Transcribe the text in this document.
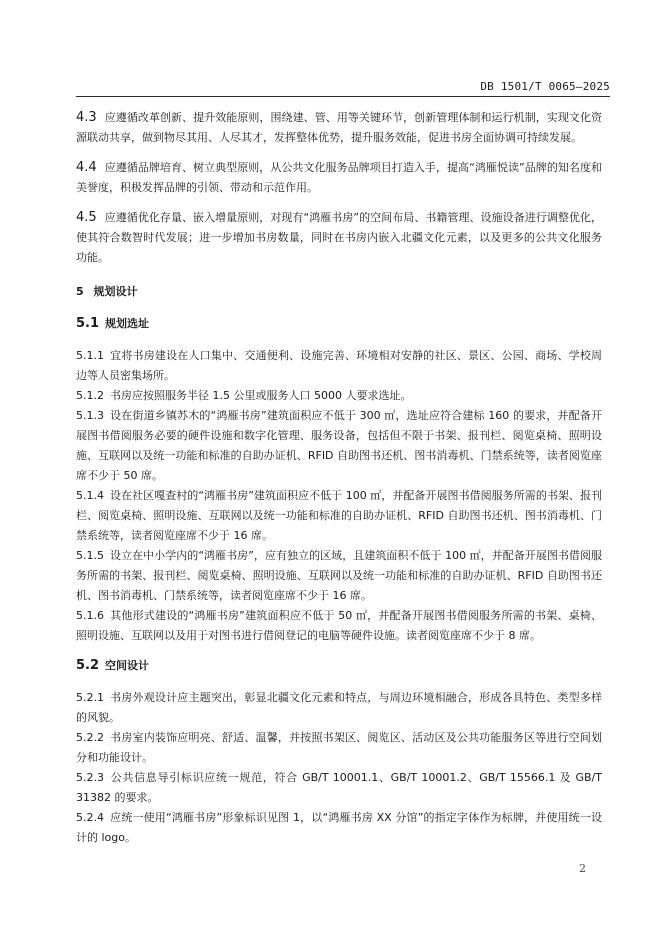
DB 1501/T 0065—2025

4.3 应遵循改革创新、提升效能原则，围绕建、管、用等关键环节，创新管理体制和运行机制，实现文化资源联动共享，做到物尽其用、人尽其才，发挥整体优势，提升服务效能，促进书房全面协调可持续发展。

4.4 应遵循品牌培育、树立典型原则，从公共文化服务品牌项目打造入手，提高“鸿雁悦读”品牌的知名度和美誉度，积极发挥品牌的引领、带动和示范作用。

4.5 应遵循优化存量、嵌入增量原则，对现有“鸿雁书房”的空间布局、书籍管理、设施设备进行调整优化，使其符合数智时代发展；进一步增加书房数量，同时在书房内嵌入北疆文化元素，以及更多的公共文化服务功能。

5 规划设计
5.1 规划选址

5.1.1 宜将书房建设在人口集中、交通便利、设施完善、环境相对安静的社区、景区、公园、商场、学校周边等人员密集场所。

5.1.2 书房应按照服务半径 1.5 公里或服务人口 5000 人要求选址。

5.1.3 设在街道乡镇苏木的“鸿雁书房”建筑面积应不低于 300 ㎡，选址应符合建标 160 的要求，并配备开展图书借阅服务必要的硬件设施和数字化管理、服务设备，包括但不限于书架、报刊栏、阅览桌椅、照明设施、互联网以及统一功能和标准的自助办证机、RFID 自助图书还机、图书消毒机、门禁系统等，读者阅览座席不少于 50 席。

5.1.4 设在社区嘎查村的“鸿雁书房”建筑面积应不低于 100 ㎡，并配备开展图书借阅服务所需的书架、报刊栏、阅览桌椅、照明设施、互联网以及统一功能和标准的自助办证机、RFID 自助图书还机、图书消毒机、门禁系统等，读者阅览座席不少于 16 席。

5.1.5 设立在中小学内的“鸿雁书房”，应有独立的区域，且建筑面积不低于 100 ㎡，并配备开展图书借阅服务所需的书架、报刊栏、阅览桌椅、照明设施、互联网以及统一功能和标准的自助办证机、RFID 自助图书还机、图书消毒机、门禁系统等，读者阅览座席不少于 16 席。

5.1.6 其他形式建设的“鸿雁书房”建筑面积应不低于 50 ㎡，并配备开展图书借阅服务所需的书架、桌椅、照明设施、互联网以及用于对图书进行借阅登记的电脑等硬件设施。读者阅览座席不少于 8 席。

5.2 空间设计

5.2.1 书房外观设计应主题突出，彰显北疆文化元素和特点，与周边环境相融合，形成各具特色、类型多样的风貌。

5.2.2 书房室内装饰应明亮、舒适、温馨，并按照书架区、阅览区、活动区及公共功能服务区等进行空间划分和功能设计。

5.2.3 公共信息导引标识应统一规范，符合 GB/T 10001.1、GB/T 10001.2、GB/T 15566.1 及 GB/T 31382 的要求。

5.2.4 应统一使用“鸿雁书房”形象标识见图 1，以“鸿雁书房 XX 分馆”的指定字体作为标牌，并使用统一设计的 logo。

2
